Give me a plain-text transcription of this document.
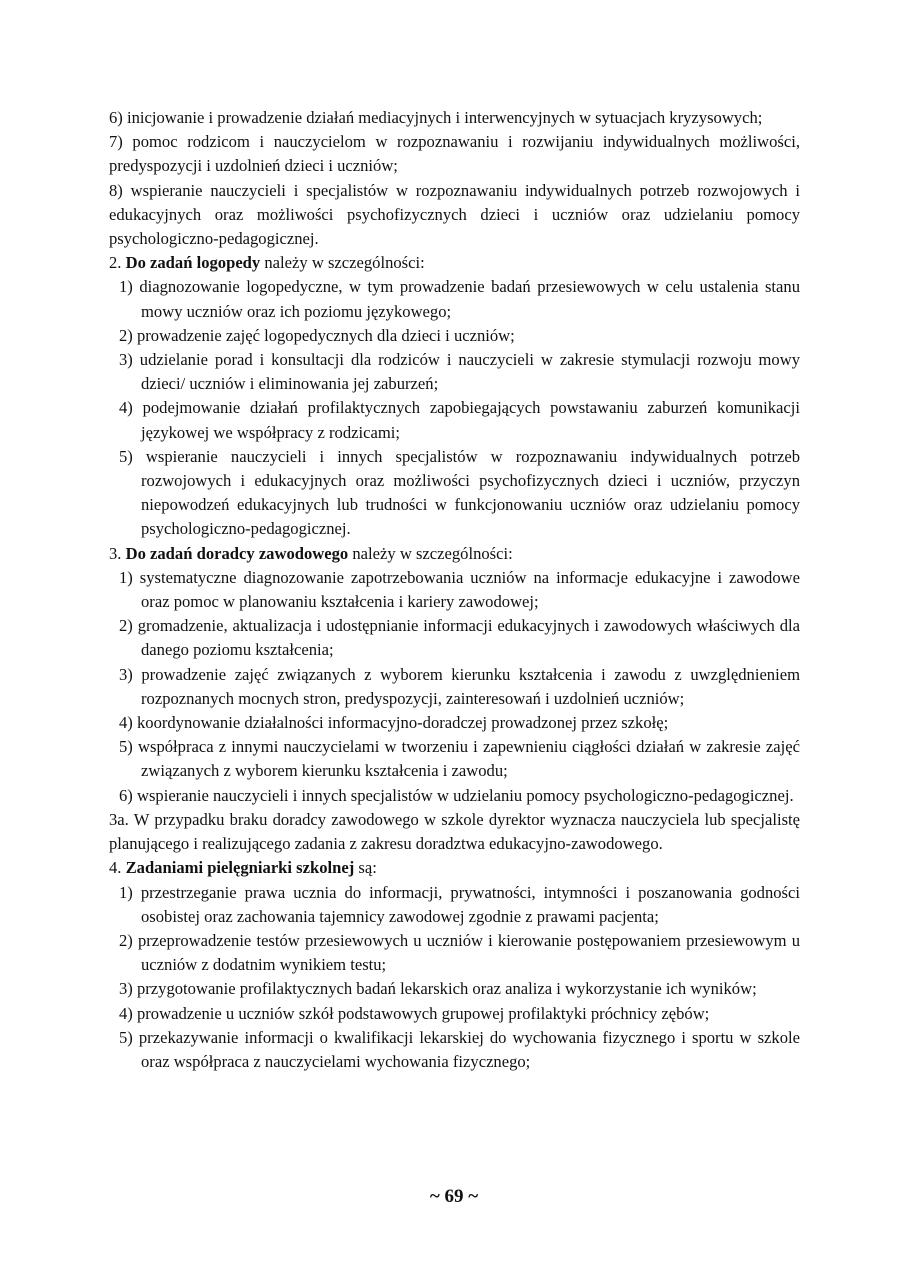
6) inicjowanie i prowadzenie działań mediacyjnych i interwencyjnych w sytuacjach kryzysowych;

7) pomoc rodzicom i nauczycielom w rozpoznawaniu i rozwijaniu indywidualnych możliwości, predyspozycji i uzdolnień dzieci i uczniów;

8) wspieranie nauczycieli i specjalistów w rozpoznawaniu indywidualnych potrzeb rozwojowych i edukacyjnych oraz możliwości psychofizycznych dzieci i uczniów oraz udzielaniu pomocy psychologiczno-pedagogicznej.

2. Do zadań logopedy należy w szczególności:

1) diagnozowanie logopedyczne, w tym prowadzenie badań przesiewowych w celu ustalenia stanu mowy uczniów oraz ich poziomu językowego;

2) prowadzenie zajęć logopedycznych dla dzieci i uczniów;

3) udzielanie porad i konsultacji dla rodziców i nauczycieli w zakresie stymulacji rozwoju mowy dzieci/ uczniów i eliminowania jej zaburzeń;

4) podejmowanie działań profilaktycznych zapobiegających powstawaniu zaburzeń komunikacji językowej we współpracy z rodzicami;

5) wspieranie nauczycieli i innych specjalistów w rozpoznawaniu indywidualnych potrzeb rozwojowych i edukacyjnych oraz możliwości psychofizycznych dzieci i uczniów, przyczyn niepowodzeń edukacyjnych lub trudności w funkcjonowaniu uczniów oraz udzielaniu pomocy psychologiczno-pedagogicznej.

3. Do zadań doradcy zawodowego należy w szczególności:

1) systematyczne diagnozowanie zapotrzebowania uczniów na informacje edukacyjne i zawodowe oraz pomoc w planowaniu kształcenia i kariery zawodowej;

2) gromadzenie, aktualizacja i udostępnianie informacji edukacyjnych i zawodowych właściwych dla danego poziomu kształcenia;

3) prowadzenie zajęć związanych z wyborem kierunku kształcenia i zawodu z uwzględnieniem rozpoznanych mocnych stron, predyspozycji, zainteresowań i uzdolnień uczniów;

4) koordynowanie działalności informacyjno-doradczej prowadzonej przez szkołę;

5) współpraca z innymi nauczycielami w tworzeniu i zapewnieniu ciągłości działań w zakresie zajęć związanych z wyborem kierunku kształcenia i zawodu;

6) wspieranie nauczycieli i innych specjalistów w udzielaniu pomocy psychologiczno-pedagogicznej.

3a. W przypadku braku doradcy zawodowego w szkole dyrektor wyznacza nauczyciela lub specjalistę planującego i realizującego zadania z zakresu doradztwa edukacyjno-zawodowego.

4. Zadaniami pielęgniarki szkolnej są:

1) przestrzeganie prawa ucznia do informacji, prywatności, intymności i poszanowania godności osobistej oraz zachowania tajemnicy zawodowej zgodnie z prawami pacjenta;

2) przeprowadzenie testów przesiewowych u uczniów i kierowanie postępowaniem przesiewowym u uczniów z dodatnim wynikiem testu;

3) przygotowanie profilaktycznych badań lekarskich oraz analiza i wykorzystanie ich wyników;

4) prowadzenie u uczniów szkół podstawowych grupowej profilaktyki próchnicy zębów;

5) przekazywanie informacji o kwalifikacji lekarskiej do wychowania fizycznego i sportu w szkole oraz współpraca z nauczycielami wychowania fizycznego;

~ 69 ~
